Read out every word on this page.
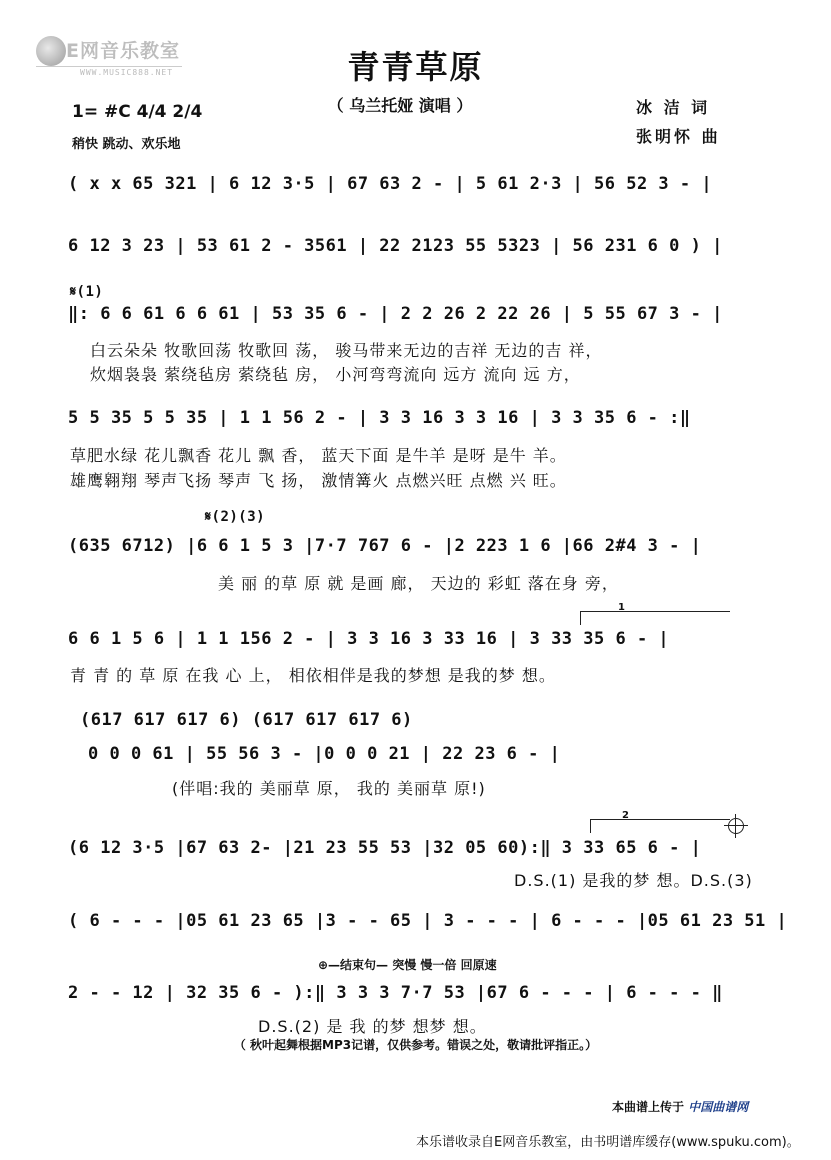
E网音乐教室
WWW.MUSIC888.NET	青青草原
（ 乌兰托娅 演唱 ）
1= #C 4/4 2/4
稍快 跳动、欢乐地
冰 洁 词
张明怀 曲
( x x 65 321 | 6 12 3·5 | 67 63 2 - | 5 61 2·3 | 56 52 3 - |
6 12 3 23 | 53 61 2 - 3561 | 22 2123 55 5323 | 56 231 6 0 ) |
𝄋(1)
‖: 6 6 61 6 6 61 | 53 35 6 - | 2 2 26 2 22 26 | 5 55 67 3 - |
白云朵朵 牧歌回荡 牧歌回 荡， 骏马带来无边的吉祥 无边的吉 祥，
炊烟袅袅 萦绕毡房 萦绕毡 房， 小河弯弯流向 远方 流向 远 方，
5 5 35 5 5 35 | 1 1 56 2 - | 3 3 16 3 3 16 | 3 3 35 6 - :‖
草肥水绿 花儿飘香 花儿 飘 香， 蓝天下面 是牛羊 是呀 是牛 羊。
雄鹰翱翔 琴声飞扬 琴声 飞 扬， 激情篝火 点燃兴旺 点燃 兴 旺。
𝄋(2)(3)
(635 6712) |6 6 1 5 3 |7·7 767 6 - |2 223 1 6 |66 2#4 3 - |
美 丽 的草 原 就 是画 廊， 天边的 彩虹 落在身 旁，
1
6 6 1 5 6 | 1 1 156 2 - | 3 3 16 3 33 16 | 3 33 35 6 - |
青 青 的 草 原 在我 心 上， 相依相伴是我的梦想 是我的梦 想。
(617 617 617 6) (617 617 617 6)
0 0 0 61 | 55 56 3 - |0 0 0 21 | 22 23 6 - |
(伴唱:我的 美丽草 原， 我的 美丽草 原!)
2
(6 12 3·5 |67 63 2- |21 23 55 53 |32 05 60):‖ 3 33 65 6 - |
D.S.(1) 是我的梦 想。D.S.(3)
( 6 - - - |05 61 23 65 |3 - - 65 | 3 - - - | 6 - - - |05 61 23 51 |
⊕—结束句— 突慢 慢一倍 回原速
2 - - 12 | 32 35 6 - ):‖ 3 3 3 7·7 53 |67 6 - - - | 6 - - - ‖
D.S.(2) 是 我 的梦 想梦 想。
（ 秋叶起舞根据MP3记谱，仅供参考。错误之处，敬请批评指正。）
本曲谱上传于 中国曲谱网
本乐谱收录自E网音乐教室，由书明谱库缓存(www.spuku.com)。
